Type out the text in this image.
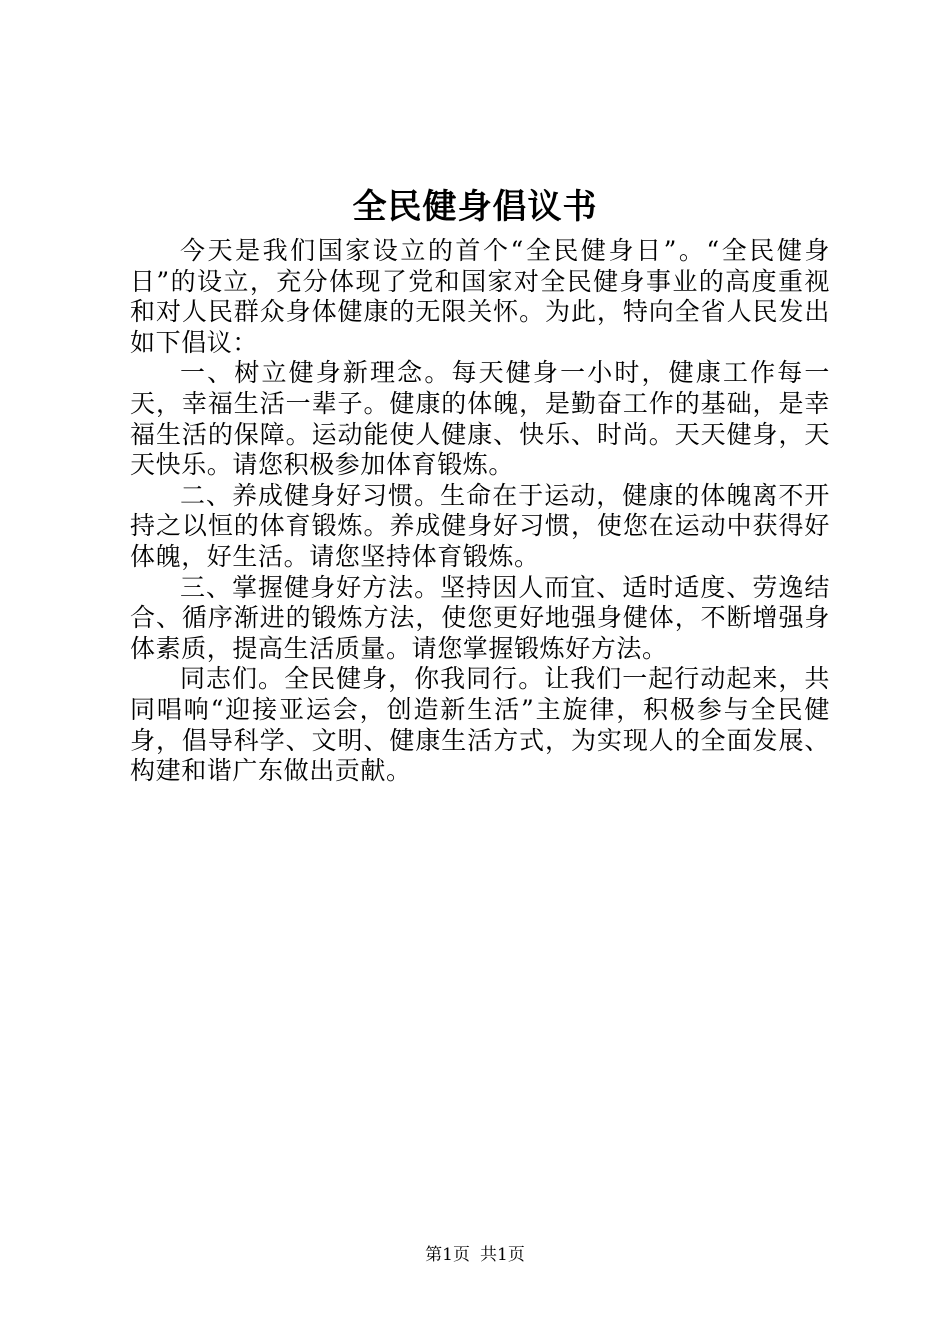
全民健身倡议书

今天是我们国家设立的首个“全民健身日”。“全民健身日”的设立，充分体现了党和国家对全民健身事业的高度重视和对人民群众身体健康的无限关怀。为此，特向全省人民发出如下倡议：

一、树立健身新理念。每天健身一小时，健康工作每一天，幸福生活一辈子。健康的体魄，是勤奋工作的基础，是幸福生活的保障。运动能使人健康、快乐、时尚。天天健身，天天快乐。请您积极参加体育锻炼。

二、养成健身好习惯。生命在于运动，健康的体魄离不开持之以恒的体育锻炼。养成健身好习惯，使您在运动中获得好体魄，好生活。请您坚持体育锻炼。

三、掌握健身好方法。坚持因人而宜、适时适度、劳逸结合、循序渐进的锻炼方法，使您更好地强身健体，不断增强身体素质，提高生活质量。请您掌握锻炼好方法。

同志们。全民健身，你我同行。让我们一起行动起来，共同唱响“迎接亚运会，创造新生活”主旋律，积极参与全民健身，倡导科学、文明、健康生活方式，为实现人的全面发展、构建和谐广东做出贡献。

第1页 共1页
